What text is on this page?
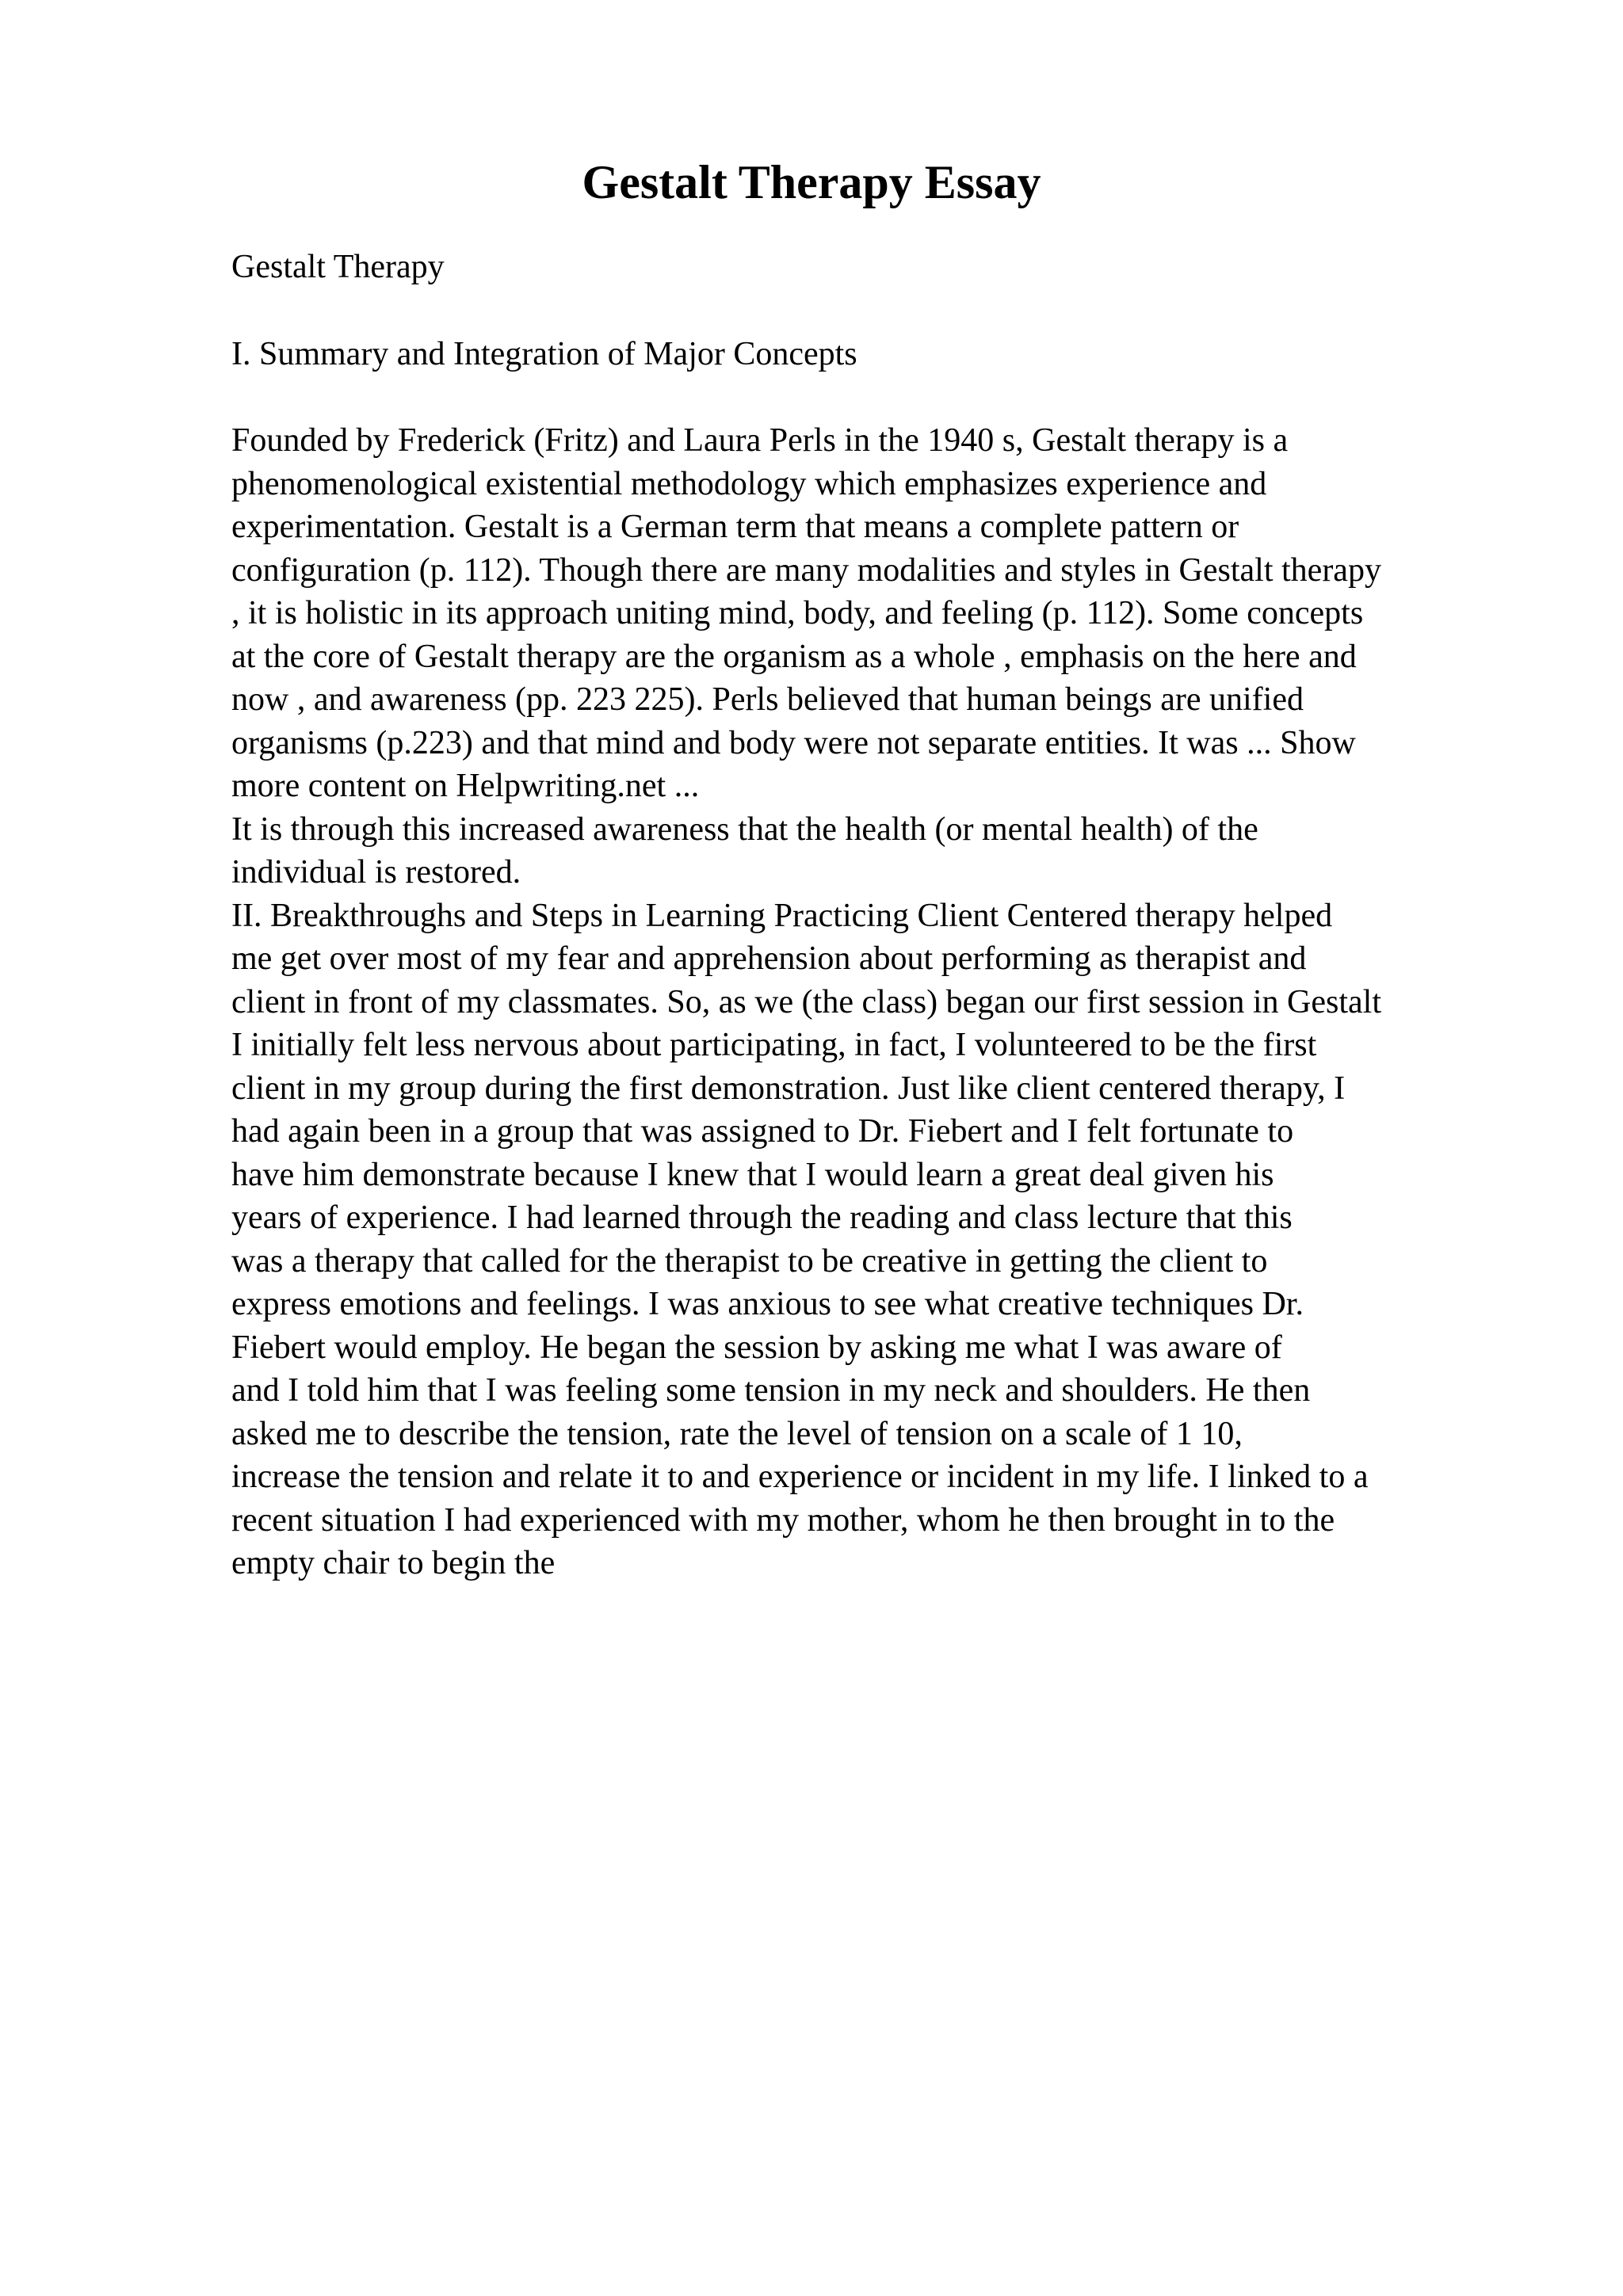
Gestalt Therapy Essay

Gestalt Therapy

I. Summary and Integration of Major Concepts

Founded by Frederick (Fritz) and Laura Perls in the 1940 s, Gestalt therapy is a
phenomenological existential methodology which emphasizes experience and
experimentation. Gestalt is a German term that means a complete pattern or
configuration (p. 112). Though there are many modalities and styles in Gestalt therapy
, it is holistic in its approach uniting mind, body, and feeling (p. 112). Some concepts
at the core of Gestalt therapy are the organism as a whole , emphasis on the here and
now , and awareness (pp. 223 225). Perls believed that human beings are unified
organisms (p.223) and that mind and body were not separate entities. It was ... Show
more content on Helpwriting.net ...
It is through this increased awareness that the health (or mental health) of the
individual is restored.
II. Breakthroughs and Steps in Learning Practicing Client Centered therapy helped
me get over most of my fear and apprehension about performing as therapist and
client in front of my classmates. So, as we (the class) began our first session in Gestalt
I initially felt less nervous about participating, in fact, I volunteered to be the first
client in my group during the first demonstration. Just like client centered therapy, I
had again been in a group that was assigned to Dr. Fiebert and I felt fortunate to
have him demonstrate because I knew that I would learn a great deal given his
years of experience. I had learned through the reading and class lecture that this
was a therapy that called for the therapist to be creative in getting the client to
express emotions and feelings. I was anxious to see what creative techniques Dr.
Fiebert would employ. He began the session by asking me what I was aware of
and I told him that I was feeling some tension in my neck and shoulders. He then
asked me to describe the tension, rate the level of tension on a scale of 1 10,
increase the tension and relate it to and experience or incident in my life. I linked to a
recent situation I had experienced with my mother, whom he then brought in to the
empty chair to begin the
